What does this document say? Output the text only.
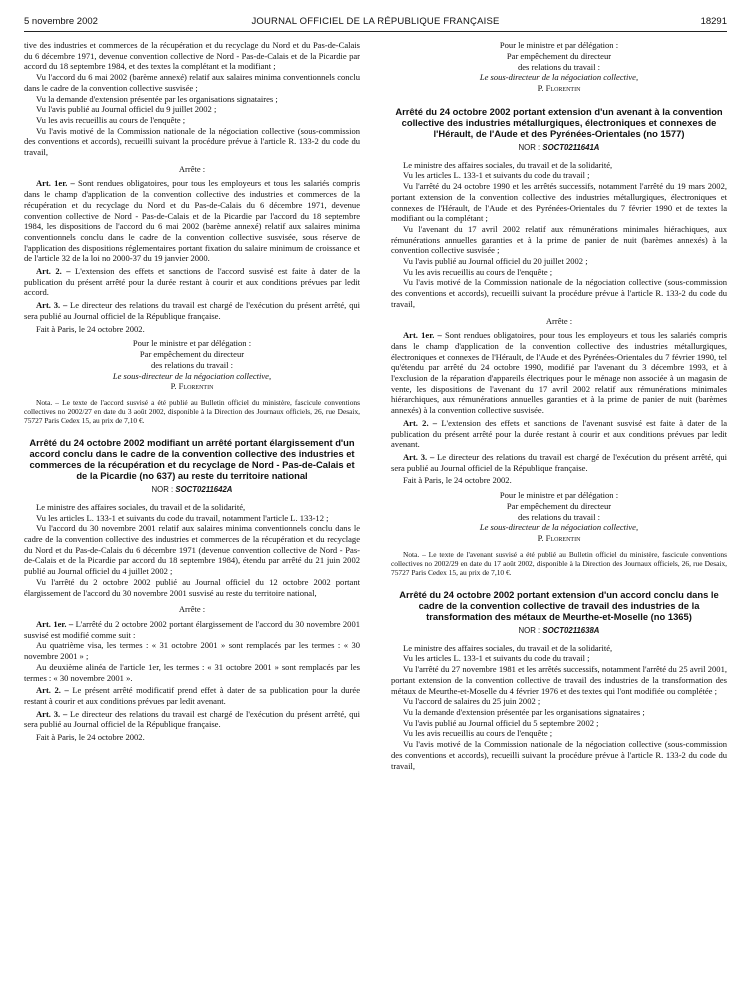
5 novembre 2002	JOURNAL OFFICIEL DE LA RÉPUBLIQUE FRANÇAISE	18291

tive des industries et commerces de la récupération et du recyclage du Nord et du Pas-de-Calais du 6 décembre 1971, devenue convention collective de Nord - Pas-de-Calais et de la Picardie par accord du 18 septembre 1984, et des textes la complétant et la modifiant ;

Vu l'accord du 6 mai 2002 (barème annexé) relatif aux salaires minima conventionnels conclu dans le cadre de la convention collective susvisée ;

Vu la demande d'extension présentée par les organisations signataires ;

Vu l'avis publié au Journal officiel du 9 juillet 2002 ;

Vu les avis recueillis au cours de l'enquête ;

Vu l'avis motivé de la Commission nationale de la négociation collective (sous-commission des conventions et accords), recueilli suivant la procédure prévue à l'article R. 133-2 du code du travail,

Arrête :

Art. 1er. – Sont rendues obligatoires, pour tous les employeurs et tous les salariés compris dans le champ d'application de la convention collective des industries et commerces de la récupération et du recyclage du Nord et du Pas-de-Calais du 6 décembre 1971, devenue convention collective de Nord - Pas-de-Calais et de la Picardie par l'accord du 18 septembre 1984, les dispositions de l'accord du 6 mai 2002 (barème annexé) relatif aux salaires minima conventionnels conclu dans le cadre de la convention collective susvisée, sous réserve de l'application des dispositions réglementaires portant fixation du salaire minimum de croissance et de l'article 32 de la loi no 2000-37 du 19 janvier 2000.

Art. 2. – L'extension des effets et sanctions de l'accord susvisé est faite à dater de la publication du présent arrêté pour la durée restant à courir et aux conditions prévues par ledit accord.

Art. 3. – Le directeur des relations du travail est chargé de l'exécution du présent arrêté, qui sera publié au Journal officiel de la République française.

Fait à Paris, le 24 octobre 2002.

Pour le ministre et par délégation :
Par empêchement du directeur
des relations du travail :
Le sous-directeur de la négociation collective,
P. Florentin

Nota. – Le texte de l'accord susvisé a été publié au Bulletin officiel du ministère, fascicule conventions collectives no 2002/27 en date du 3 août 2002, disponible à la Direction des Journaux officiels, 26, rue Desaix, 75727 Paris Cedex 15, au prix de 7,10 €.

Arrêté du 24 octobre 2002 modifiant un arrêté portant élargissement d'un accord conclu dans le cadre de la convention collective des industries et commerces de la récupération et du recyclage de Nord - Pas-de-Calais et de la Picardie (no 637) au reste du territoire national
NOR : SOCT0211642A

Le ministre des affaires sociales, du travail et de la solidarité,

Vu les articles L. 133-1 et suivants du code du travail, notamment l'article L. 133-12 ;

Vu l'accord du 30 novembre 2001 relatif aux salaires minima conventionnels conclu dans le cadre de la convention collective des industries et commerces de la récupération et du recyclage du Nord et du Pas-de-Calais du 6 décembre 1971 (devenue convention collective de Nord - Pas-de-Calais et de la Picardie par accord du 18 septembre 1984), étendu par arrêté du 21 juin 2002 publié au Journal officiel du 4 juillet 2002 ;

Vu l'arrêté du 2 octobre 2002 publié au Journal officiel du 12 octobre 2002 portant élargissement de l'accord du 30 novembre 2001 susvisé au reste du territoire national,

Arrête :

Art. 1er. – L'arrêté du 2 octobre 2002 portant élargissement de l'accord du 30 novembre 2001 susvisé est modifié comme suit :

Au quatrième visa, les termes : « 31 octobre 2001 » sont remplacés par les termes : « 30 novembre 2001 » ;

Au deuxième alinéa de l'article 1er, les termes : « 31 octobre 2001 » sont remplacés par les termes : « 30 novembre 2001 ».

Art. 2. – Le présent arrêté modificatif prend effet à dater de sa publication pour la durée restant à courir et aux conditions prévues par ledit avenant.

Art. 3. – Le directeur des relations du travail est chargé de l'exécution du présent arrêté, qui sera publié au Journal officiel de la République française.

Fait à Paris, le 24 octobre 2002.

Pour le ministre et par délégation :
Par empêchement du directeur
des relations du travail :
Le sous-directeur de la négociation collective,
P. Florentin
Arrêté du 24 octobre 2002 portant extension d'un avenant à la convention collective des industries métallurgiques, électroniques et connexes de l'Hérault, de l'Aude et des Pyrénées-Orientales (no 1577)
NOR : SOCT0211641A

Le ministre des affaires sociales, du travail et de la solidarité,

Vu les articles L. 133-1 et suivants du code du travail ;

Vu l'arrêté du 24 octobre 1990 et les arrêtés successifs, notamment l'arrêté du 19 mars 2002, portant extension de la convention collective des industries métallurgiques, électroniques et connexes de l'Hérault, de l'Aude et des Pyrénées-Orientales du 7 février 1990 et de textes la modifiant ou la complétant ;

Vu l'avenant du 17 avril 2002 relatif aux rémunérations minimales hiérachiques, aux rémunérations annuelles garanties et à la prime de panier de nuit (barèmes annexés) à la convention collective susvisée ;

Vu l'avis publié au Journal officiel du 20 juillet 2002 ;

Vu les avis recueillis au cours de l'enquête ;

Vu l'avis motivé de la Commission nationale de la négociation collective (sous-commission des conventions et accords), recueilli suivant la procédure prévue à l'article R. 133-2 du code du travail,

Arrête :

Art. 1er. – Sont rendues obligatoires, pour tous les employeurs et tous les salariés compris dans le champ d'application de la convention collective des industries métallurgiques, électroniques et connexes de l'Hérault, de l'Aude et des Pyrénées-Orientales du 7 février 1990, tel qu'étendu par arrêté du 24 octobre 1990, modifié par l'avenant du 3 décembre 1993, et à l'exclusion de la réparation d'appareils électriques pour le ménage non associée à un magasin de vente, les dispositions de l'avenant du 17 avril 2002 relatif aux rémunérations minimales hiérarchiques, aux rémunérations annuelles garanties et à la prime de panier de nuit (barèmes annexés) à la convention collective susvisée.

Art. 2. – L'extension des effets et sanctions de l'avenant susvisé est faite à dater de la publication du présent arrêté pour la durée restant à courir et aux conditions prévues par ledit avenant.

Art. 3. – Le directeur des relations du travail est chargé de l'exécution du présent arrêté, qui sera publié au Journal officiel de la République française.

Fait à Paris, le 24 octobre 2002.

Pour le ministre et par délégation :
Par empêchement du directeur
des relations du travail :
Le sous-directeur de la négociation collective,
P. Florentin

Nota. – Le texte de l'avenant susvisé a été publié au Bulletin officiel du ministère, fascicule conventions collectives no 2002/29 en date du 17 août 2002, disponible à la Direction des Journaux officiels, 26, rue Desaix, 75727 Paris Cedex 15, au prix de 7,10 €.

Arrêté du 24 octobre 2002 portant extension d'un accord conclu dans le cadre de la convention collective de travail des industries de la transformation des métaux de Meurthe-et-Moselle (no 1365)
NOR : SOCT0211638A

Le ministre des affaires sociales, du travail et de la solidarité,

Vu les articles L. 133-1 et suivants du code du travail ;

Vu l'arrêté du 27 novembre 1981 et les arrêtés successifs, notamment l'arrêté du 25 avril 2001, portant extension de la convention collective de travail des industries de la transformation des métaux de Meurthe-et-Moselle du 4 février 1976 et des textes qui l'ont modifiée ou complétée ;

Vu l'accord de salaires du 25 juin 2002 ;

Vu la demande d'extension présentée par les organisations signataires ;

Vu l'avis publié au Journal officiel du 5 septembre 2002 ;

Vu les avis recueillis au cours de l'enquête ;

Vu l'avis motivé de la Commission nationale de la négociation collective (sous-commission des conventions et accords), recueilli suivant la procédure prévue à l'article R. 133-2 du code du travail,
